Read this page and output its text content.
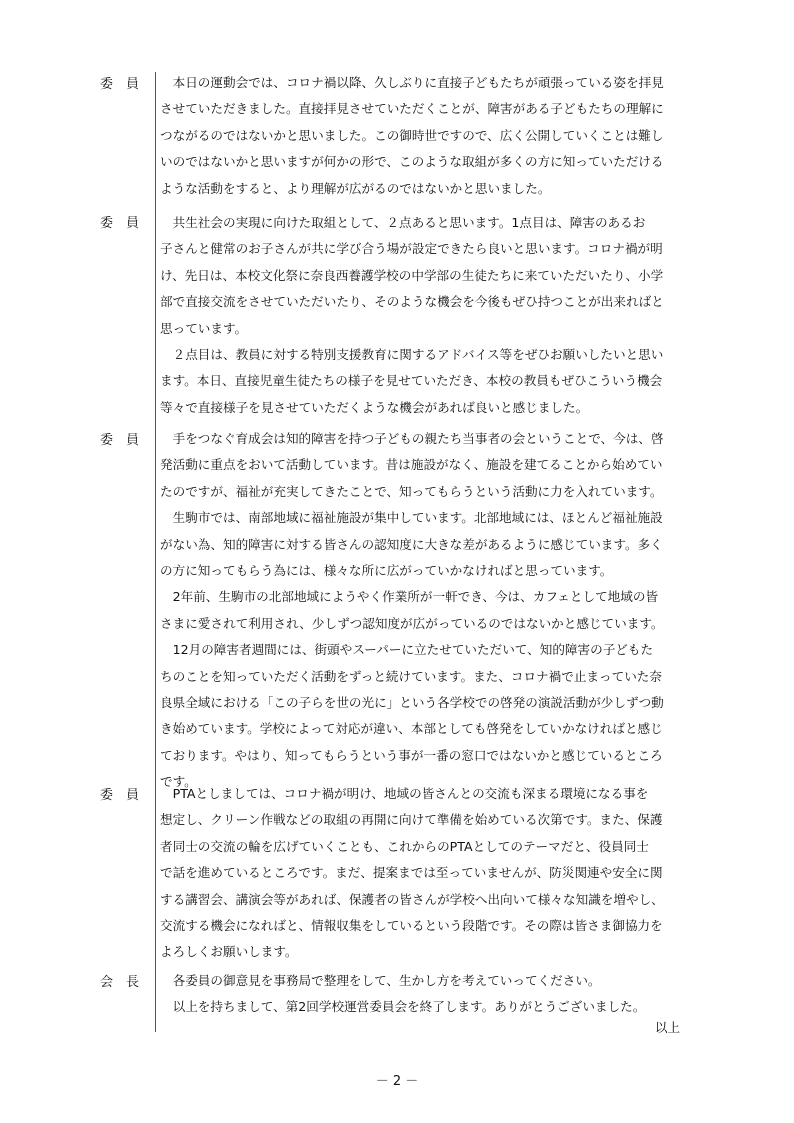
委　員	　本日の運動会では、コロナ禍以降、久しぶりに直接子どもたちが頑張っている姿を拝見
させていただきました。直接拝見させていただくことが、障害がある子どもたちの理解に
つながるのではないかと思いました。この御時世ですので、広く公開していくことは難し
いのではないかと思いますが何かの形で、このような取組が多くの方に知っていただける
ような活動をすると、より理解が広がるのではないかと思いました。
委　員	　共生社会の実現に向けた取組として、２点あると思います。1点目は、障害のあるお
子さんと健常のお子さんが共に学び合う場が設定できたら良いと思います。コロナ禍が明
け、先日は、本校文化祭に奈良西養護学校の中学部の生徒たちに来ていただいたり、小学
部で直接交流をさせていただいたり、そのような機会を今後もぜひ持つことが出来ればと
思っています。
　２点目は、教員に対する特別支援教育に関するアドバイス等をぜひお願いしたいと思い
ます。本日、直接児童生徒たちの様子を見せていただき、本校の教員もぜひこういう機会
等々で直接様子を見させていただくような機会があれば良いと感じました。
委　員	　手をつなぐ育成会は知的障害を持つ子どもの親たち当事者の会ということで、今は、啓
発活動に重点をおいて活動しています。昔は施設がなく、施設を建てることから始めてい
たのですが、福祉が充実してきたことで、知ってもらうという活動に力を入れています。
　生駒市では、南部地域に福祉施設が集中しています。北部地域には、ほとんど福祉施設
がない為、知的障害に対する皆さんの認知度に大きな差があるように感じています。多く
の方に知ってもらう為には、様々な所に広がっていかなければと思っています。
　2年前、生駒市の北部地域にようやく作業所が一軒でき、今は、カフェとして地域の皆
さまに愛されて利用され、少しずつ認知度が広がっているのではないかと感じています。
　12月の障害者週間には、街頭やスーパーに立たせていただいて、知的障害の子どもた
ちのことを知っていただく活動をずっと続けています。また、コロナ禍で止まっていた奈
良県全域における「この子らを世の光に」という各学校での啓発の演説活動が少しずつ動
き始めています。学校によって対応が違い、本部としても啓発をしていかなければと感じ
ております。やはり、知ってもらうという事が一番の窓口ではないかと感じているところ
です。
委　員	　PTAとしましては、コロナ禍が明け、地域の皆さんとの交流も深まる環境になる事を
想定し、クリーン作戦などの取組の再開に向けて準備を始めている次第です。また、保護
者同士の交流の輪を広げていくことも、これからのPTAとしてのテーマだと、役員同士
で話を進めているところです。まだ、提案までは至っていませんが、防災関連や安全に関
する講習会、講演会等があれば、保護者の皆さんが学校へ出向いて様々な知識を増やし、
交流する機会になればと、情報収集をしているという段階です。その際は皆さま御協力を
よろしくお願いします。
会　長	　各委員の御意見を事務局で整理をして、生かし方を考えていってください。
　以上を持ちまして、第2回学校運営委員会を終了します。ありがとうございました。
以上
－ 2 －
